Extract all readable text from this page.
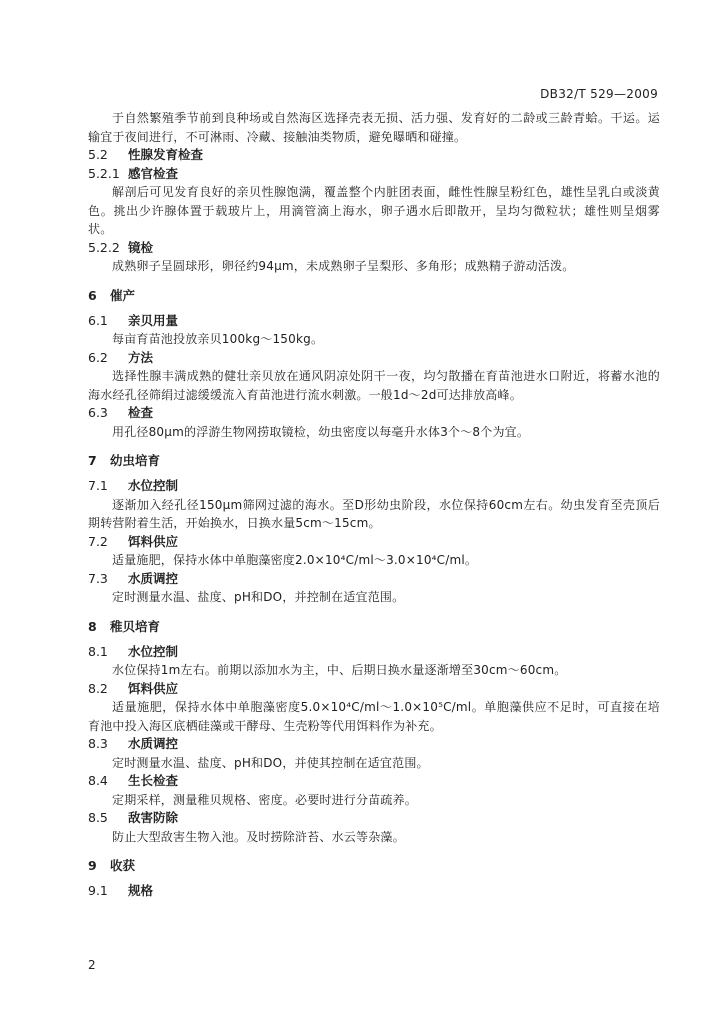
DB32/T 529—2009

于自然繁殖季节前到良种场或自然海区选择壳表无损、活力强、发育好的二龄或三龄青蛤。干运。运输宜于夜间进行，不可淋雨、冷藏、接触油类物质，避免曝晒和碰撞。

5.2 性腺发育检查
5.2.1 感官检查

解剖后可见发育良好的亲贝性腺饱满，覆盖整个内脏团表面，雌性性腺呈粉红色，雄性呈乳白或淡黄色。挑出少许腺体置于载玻片上，用滴管滴上海水，卵子遇水后即散开，呈均匀微粒状；雄性则呈烟雾状。

5.2.2 镜检

成熟卵子呈圆球形，卵径约94μm，未成熟卵子呈梨形、多角形；成熟精子游动活泼。

6 催产
6.1 亲贝用量

每亩育苗池投放亲贝100kg～150kg。

6.2 方法

选择性腺丰满成熟的健壮亲贝放在通风阴凉处阴干一夜，均匀散播在育苗池进水口附近，将蓄水池的海水经孔径筛绢过滤缓缓流入育苗池进行流水刺激。一般1d～2d可达排放高峰。

6.3 检查

用孔径80μm的浮游生物网捞取镜检，幼虫密度以每毫升水体3个～8个为宜。

7 幼虫培育
7.1 水位控制

逐渐加入经孔径150μm筛网过滤的海水。至D形幼虫阶段，水位保持60cm左右。幼虫发育至壳顶后期转营附着生活，开始换水，日换水量5cm～15cm。

7.2 饵料供应

适量施肥，保持水体中单胞藻密度2.0×10⁴C/ml～3.0×10⁴C/ml。

7.3 水质调控

定时测量水温、盐度、pH和DO，并控制在适宜范围。

8 稚贝培育
8.1 水位控制

水位保持1m左右。前期以添加水为主，中、后期日换水量逐渐增至30cm～60cm。

8.2 饵料供应

适量施肥，保持水体中单胞藻密度5.0×10⁴C/ml～1.0×10⁵C/ml。单胞藻供应不足时，可直接在培育池中投入海区底栖硅藻或干酵母、生壳粉等代用饵料作为补充。

8.3 水质调控

定时测量水温、盐度、pH和DO，并使其控制在适宜范围。

8.4 生长检查

定期采样，测量稚贝规格、密度。必要时进行分苗疏养。

8.5 敌害防除

防止大型敌害生物入池。及时捞除浒苔、水云等杂藻。

9 收获
9.1 规格
2
